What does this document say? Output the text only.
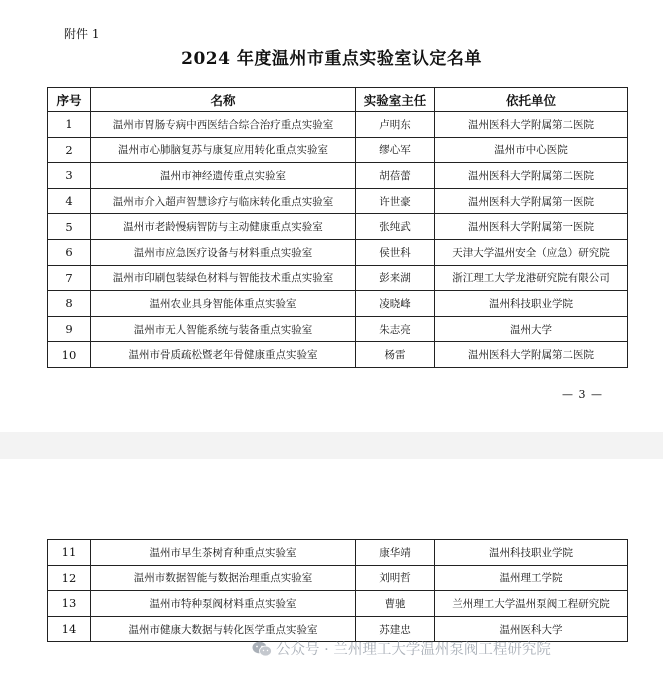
附件 1
2024 年度温州市重点实验室认定名单
序号	名称	实验室主任	依托单位
1	温州市胃肠专病中西医结合综合治疗重点实验室	卢明东	温州医科大学附属第二医院
2	温州市心肺脑复苏与康复应用转化重点实验室	缪心军	温州市中心医院
3	温州市神经遗传重点实验室	胡蓓蕾	温州医科大学附属第二医院
4	温州市介入超声智慧诊疗与临床转化重点实验室	许世豪	温州医科大学附属第一医院
5	温州市老龄慢病智防与主动健康重点实验室	张纯武	温州医科大学附属第一医院
6	温州市应急医疗设备与材料重点实验室	侯世科	天津大学温州安全（应急）研究院
7	温州市印刷包装绿色材料与智能技术重点实验室	彭来湖	浙江理工大学龙港研究院有限公司
8	温州农业具身智能体重点实验室	凌晓峰	温州科技职业学院
9	温州市无人智能系统与装备重点实验室	朱志亮	温州大学
10	温州市骨质疏松暨老年骨健康重点实验室	杨雷	温州医科大学附属第二医院
— 3 —
11	温州市早生茶树育种重点实验室	康华靖	温州科技职业学院
12	温州市数据智能与数据治理重点实验室	刘明哲	温州理工学院
13	温州市特种泵阀材料重点实验室	曹驰	兰州理工大学温州泵阀工程研究院
14	温州市健康大数据与转化医学重点实验室	苏建忠	温州医科大学
公众号 · 兰州理工大学温州泵阀工程研究院
